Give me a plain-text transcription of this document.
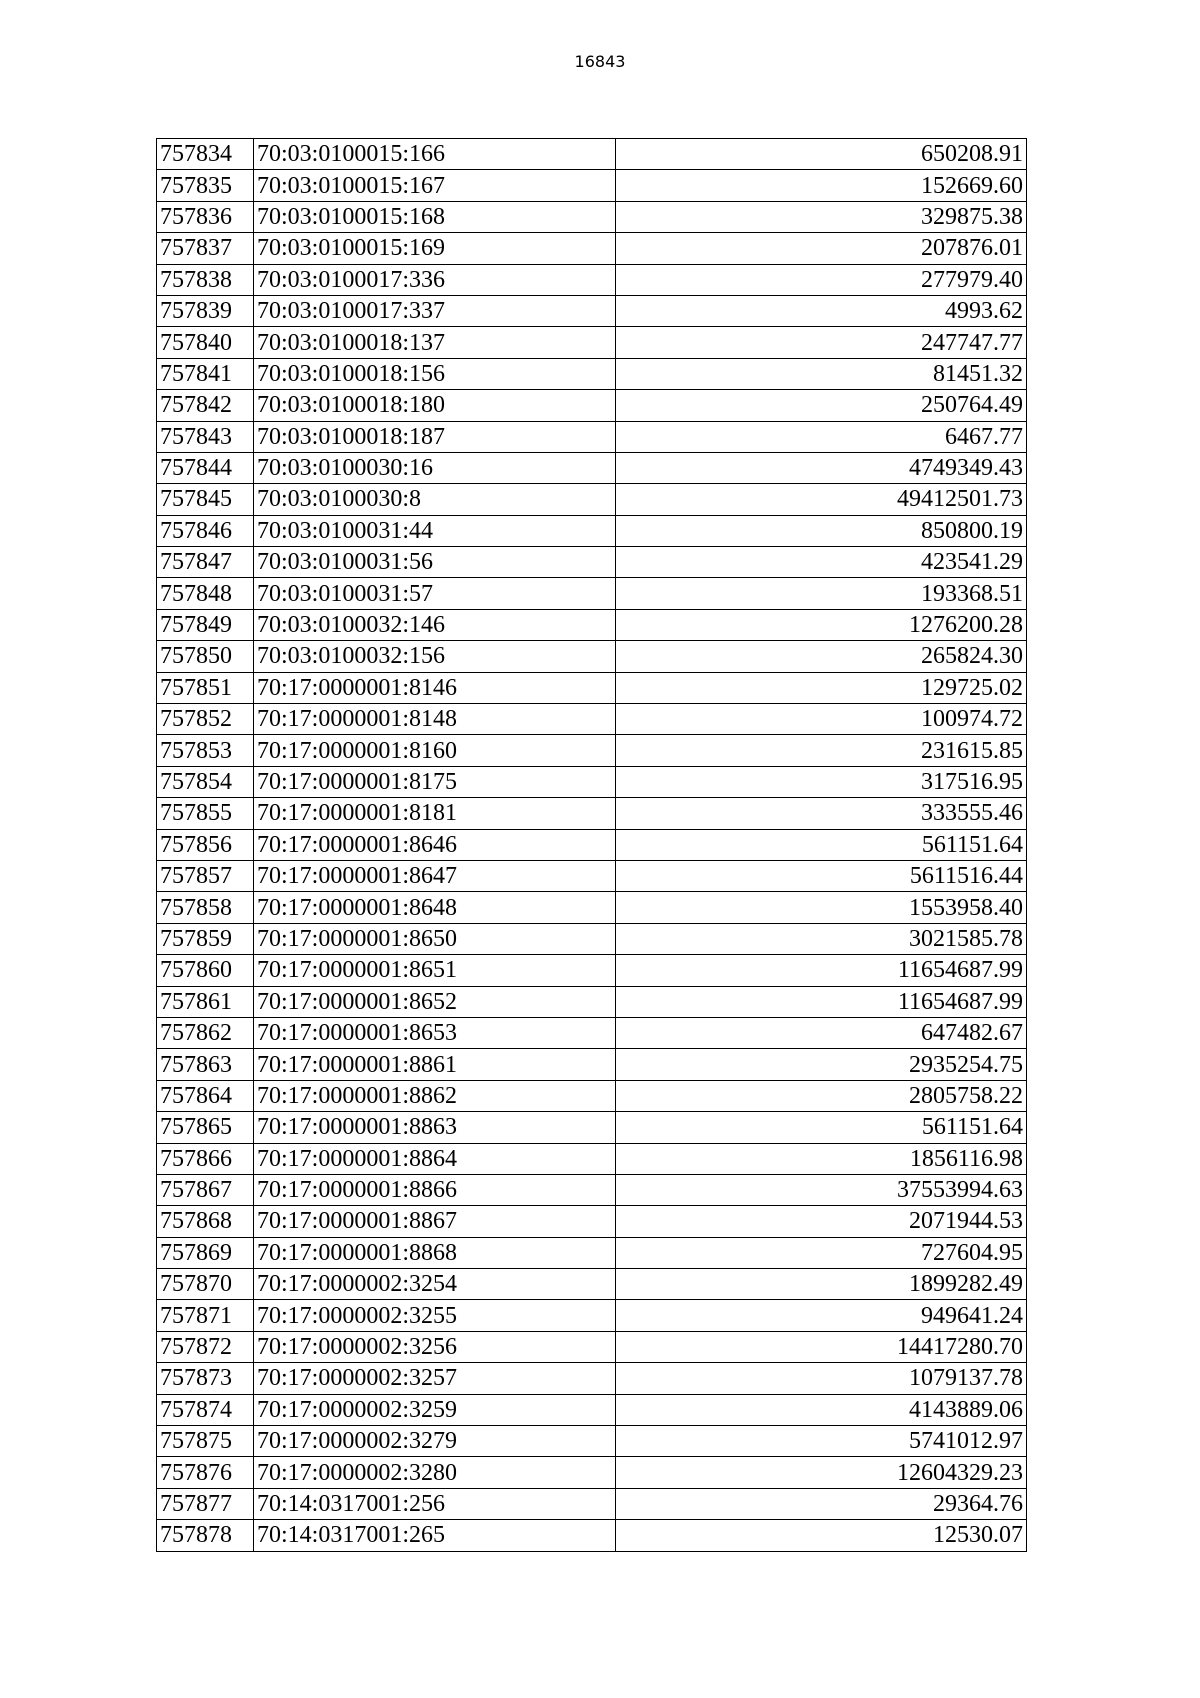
16843
757834	70:03:0100015:166	650208.91
757835	70:03:0100015:167	152669.60
757836	70:03:0100015:168	329875.38
757837	70:03:0100015:169	207876.01
757838	70:03:0100017:336	277979.40
757839	70:03:0100017:337	4993.62
757840	70:03:0100018:137	247747.77
757841	70:03:0100018:156	81451.32
757842	70:03:0100018:180	250764.49
757843	70:03:0100018:187	6467.77
757844	70:03:0100030:16	4749349.43
757845	70:03:0100030:8	49412501.73
757846	70:03:0100031:44	850800.19
757847	70:03:0100031:56	423541.29
757848	70:03:0100031:57	193368.51
757849	70:03:0100032:146	1276200.28
757850	70:03:0100032:156	265824.30
757851	70:17:0000001:8146	129725.02
757852	70:17:0000001:8148	100974.72
757853	70:17:0000001:8160	231615.85
757854	70:17:0000001:8175	317516.95
757855	70:17:0000001:8181	333555.46
757856	70:17:0000001:8646	561151.64
757857	70:17:0000001:8647	5611516.44
757858	70:17:0000001:8648	1553958.40
757859	70:17:0000001:8650	3021585.78
757860	70:17:0000001:8651	11654687.99
757861	70:17:0000001:8652	11654687.99
757862	70:17:0000001:8653	647482.67
757863	70:17:0000001:8861	2935254.75
757864	70:17:0000001:8862	2805758.22
757865	70:17:0000001:8863	561151.64
757866	70:17:0000001:8864	1856116.98
757867	70:17:0000001:8866	37553994.63
757868	70:17:0000001:8867	2071944.53
757869	70:17:0000001:8868	727604.95
757870	70:17:0000002:3254	1899282.49
757871	70:17:0000002:3255	949641.24
757872	70:17:0000002:3256	14417280.70
757873	70:17:0000002:3257	1079137.78
757874	70:17:0000002:3259	4143889.06
757875	70:17:0000002:3279	5741012.97
757876	70:17:0000002:3280	12604329.23
757877	70:14:0317001:256	29364.76
757878	70:14:0317001:265	12530.07
